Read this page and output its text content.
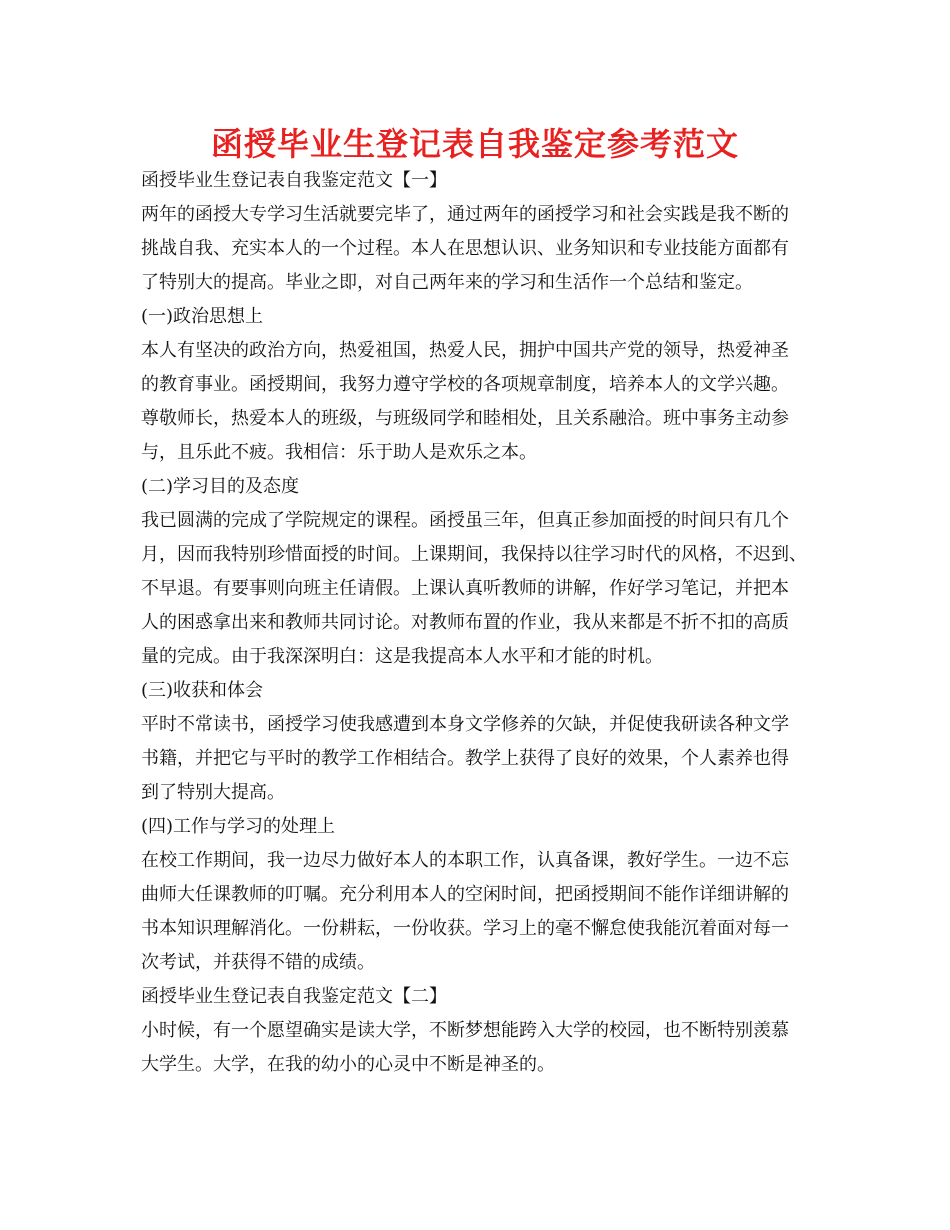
函授毕业生登记表自我鉴定参考范文
函授毕业生登记表自我鉴定范文【一】
两年的函授大专学习生活就要完毕了，通过两年的函授学习和社会实践是我不断的
挑战自我、充实本人的一个过程。本人在思想认识、业务知识和专业技能方面都有
了特别大的提高。毕业之即，对自己两年来的学习和生活作一个总结和鉴定。
(一)政治思想上
本人有坚决的政治方向，热爱祖国，热爱人民，拥护中国共产党的领导，热爱神圣
的教育事业。函授期间，我努力遵守学校的各项规章制度，培养本人的文学兴趣。
尊敬师长，热爱本人的班级，与班级同学和睦相处，且关系融洽。班中事务主动参
与，且乐此不疲。我相信：乐于助人是欢乐之本。
(二)学习目的及态度
我已圆满的完成了学院规定的课程。函授虽三年，但真正参加面授的时间只有几个
月，因而我特别珍惜面授的时间。上课期间，我保持以往学习时代的风格，不迟到、
不早退。有要事则向班主任请假。上课认真听教师的讲解，作好学习笔记，并把本
人的困惑拿出来和教师共同讨论。对教师布置的作业，我从来都是不折不扣的高质
量的完成。由于我深深明白：这是我提高本人水平和才能的时机。
(三)收获和体会
平时不常读书，函授学习使我感遭到本身文学修养的欠缺，并促使我研读各种文学
书籍，并把它与平时的教学工作相结合。教学上获得了良好的效果，个人素养也得
到了特别大提高。
(四)工作与学习的处理上
在校工作期间，我一边尽力做好本人的本职工作，认真备课，教好学生。一边不忘
曲师大任课教师的叮嘱。充分利用本人的空闲时间，把函授期间不能作详细讲解的
书本知识理解消化。一份耕耘，一份收获。学习上的毫不懈怠使我能沉着面对每一
次考试，并获得不错的成绩。
函授毕业生登记表自我鉴定范文【二】
小时候，有一个愿望确实是读大学，不断梦想能跨入大学的校园，也不断特别羡慕
大学生。大学，在我的幼小的心灵中不断是神圣的。
